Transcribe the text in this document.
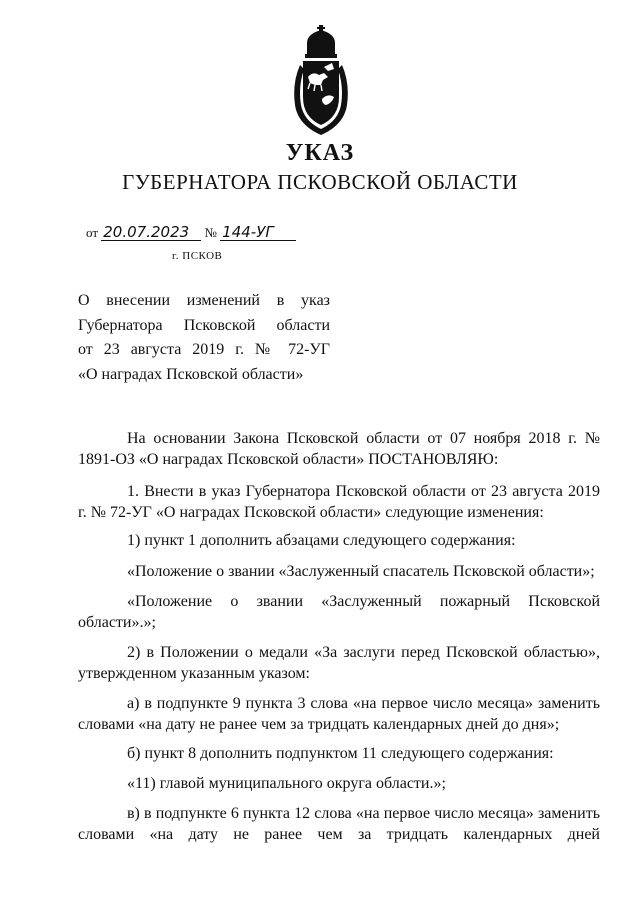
УКАЗ
ГУБЕРНАТОРА ПСКОВСКОЙ ОБЛАСТИ
от 20.07.2023 № 144-УГ
г. ПСКОВ
О внесении изменений в указ
Губернатора Псковской области
от 23 августа 2019 г. № 72-УГ
«О наградах Псковской области»

На основании Закона Псковской области от 07 ноября 2018 г. № 1891-ОЗ «О наградах Псковской области» ПОСТАНОВЛЯЮ:

1. Внести в указ Губернатора Псковской области от 23 августа 2019 г. № 72-УГ «О наградах Псковской области» следующие изменения:

1) пункт 1 дополнить абзацами следующего содержания:

«Положение о звании «Заслуженный спасатель Псковской области»;

«Положение о звании «Заслуженный пожарный Псковской области».»;

2) в Положении о медали «За заслуги перед Псковской областью», утвержденном указанным указом:

а) в подпункте 9 пункта 3 слова «на первое число месяца» заменить словами «на дату не ранее чем за тридцать календарных дней до дня»;

б) пункт 8 дополнить подпунктом 11 следующего содержания:

«11) главой муниципального округа области.»;

в) в подпункте 6 пункта 12 слова «на первое число месяца» заменить словами «на дату не ранее чем за тридцать календарных дней
